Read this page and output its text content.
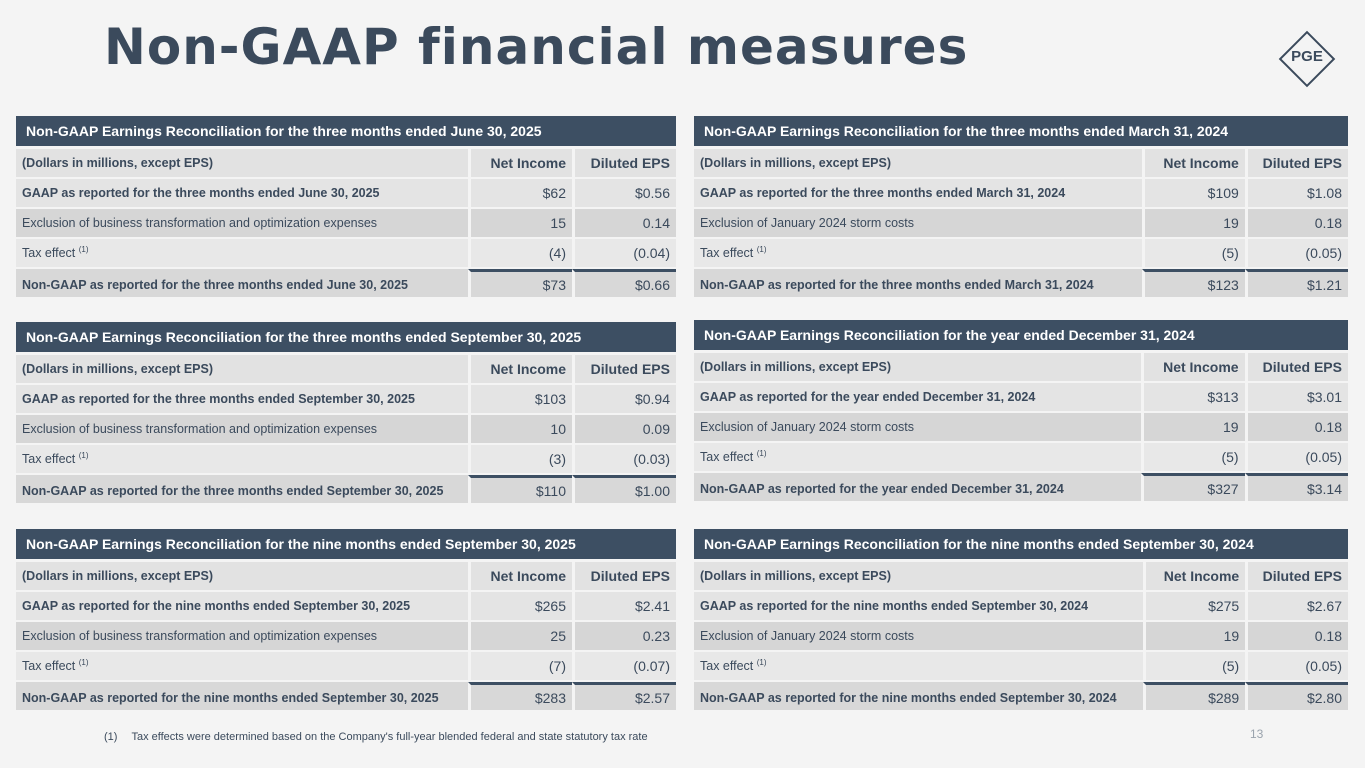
Non-GAAP financial measures	PGE
Non-GAAP Earnings Reconciliation for the three months ended June 30, 2025
(Dollars in millions, except EPS)	Net Income	Diluted EPS
GAAP as reported for the three months ended June 30, 2025	$62	$0.56
Exclusion of business transformation and optimization expenses	15	0.14
Tax effect $^{(1)}$	(4)	(0.04)
Non-GAAP as reported for the three months ended June 30, 2025	$73	$0.66
Non-GAAP Earnings Reconciliation for the three months ended March 31, 2024
(Dollars in millions, except EPS)	Net Income	Diluted EPS
GAAP as reported for the three months ended March 31, 2024	$109	$1.08
Exclusion of January 2024 storm costs	19	0.18
Tax effect $^{(1)}$	(5)	(0.05)
Non-GAAP as reported for the three months ended March 31, 2024	$123	$1.21
Non-GAAP Earnings Reconciliation for the three months ended September 30, 2025
(Dollars in millions, except EPS)	Net Income	Diluted EPS
GAAP as reported for the three months ended September 30, 2025	$103	$0.94
Exclusion of business transformation and optimization expenses	10	0.09
Tax effect $^{(1)}$	(3)	(0.03)
Non-GAAP as reported for the three months ended September 30, 2025	$110	$1.00
Non-GAAP Earnings Reconciliation for the year ended December 31, 2024
(Dollars in millions, except EPS)	Net Income	Diluted EPS
GAAP as reported for the year ended December 31, 2024	$313	$3.01
Exclusion of January 2024 storm costs	19	0.18
Tax effect $^{(1)}$	(5)	(0.05)
Non-GAAP as reported for the year ended December 31, 2024	$327	$3.14
Non-GAAP Earnings Reconciliation for the nine months ended September 30, 2025
(Dollars in millions, except EPS)	Net Income	Diluted EPS
GAAP as reported for the nine months ended September 30, 2025	$265	$2.41
Exclusion of business transformation and optimization expenses	25	0.23
Tax effect $^{(1)}$	(7)	(0.07)
Non-GAAP as reported for the nine months ended September 30, 2025	$283	$2.57
Non-GAAP Earnings Reconciliation for the nine months ended September 30, 2024
(Dollars in millions, except EPS)	Net Income	Diluted EPS
GAAP as reported for the nine months ended September 30, 2024	$275	$2.67
Exclusion of January 2024 storm costs	19	0.18
Tax effect $^{(1)}$	(5)	(0.05)
Non-GAAP as reported for the nine months ended September 30, 2024	$289	$2.80
(1) Tax effects were determined based on the Company's full-year blended federal and state statutory tax rate	13
